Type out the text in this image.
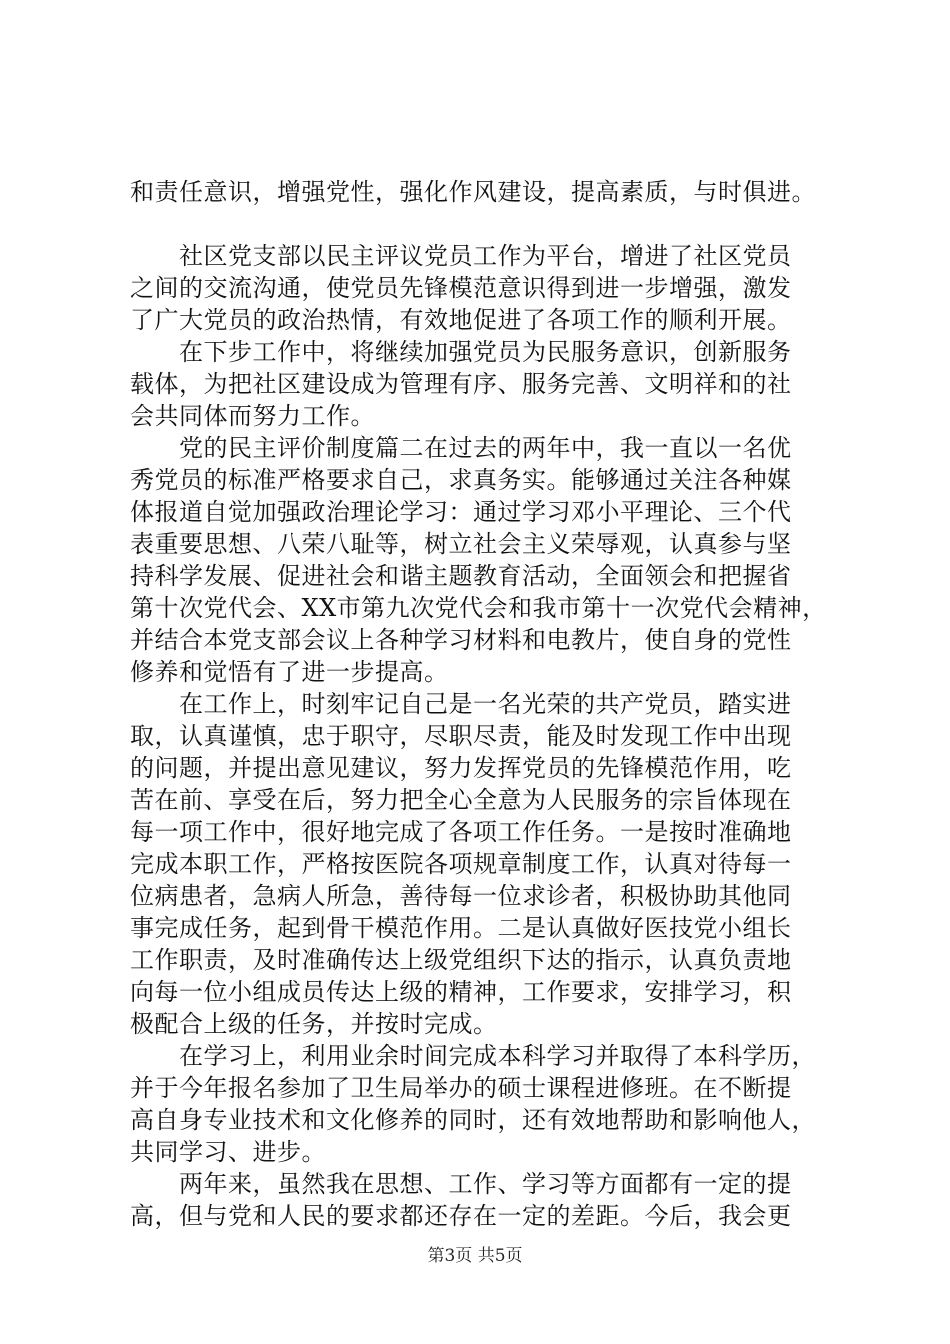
和责任意识，增强党性，强化作风建设，提高素质，与时俱进。
　　社区党支部以民主评议党员工作为平台，增进了社区党员
之间的交流沟通，使党员先锋模范意识得到进一步增强，激发
了广大党员的政治热情，有效地促进了各项工作的顺利开展。
　　在下步工作中，将继续加强党员为民服务意识，创新服务
载体，为把社区建设成为管理有序、服务完善、文明祥和的社
会共同体而努力工作。
　　党的民主评价制度篇二在过去的两年中，我一直以一名优
秀党员的标准严格要求自己，求真务实。能够通过关注各种媒
体报道自觉加强政治理论学习：通过学习邓小平理论、三个代
表重要思想、八荣八耻等，树立社会主义荣辱观，认真参与坚
持科学发展、促进社会和谐主题教育活动，全面领会和把握省
第十次党代会、XX市第九次党代会和我市第十一次党代会精神，
并结合本党支部会议上各种学习材料和电教片，使自身的党性
修养和觉悟有了进一步提高。
　　在工作上，时刻牢记自己是一名光荣的共产党员，踏实进
取，认真谨慎，忠于职守，尽职尽责，能及时发现工作中出现
的问题，并提出意见建议，努力发挥党员的先锋模范作用，吃
苦在前、享受在后，努力把全心全意为人民服务的宗旨体现在
每一项工作中，很好地完成了各项工作任务。一是按时准确地
完成本职工作，严格按医院各项规章制度工作，认真对待每一
位病患者，急病人所急，善待每一位求诊者，积极协助其他同
事完成任务，起到骨干模范作用。二是认真做好医技党小组长
工作职责，及时准确传达上级党组织下达的指示，认真负责地
向每一位小组成员传达上级的精神，工作要求，安排学习，积
极配合上级的任务，并按时完成。
　　在学习上，利用业余时间完成本科学习并取得了本科学历，
并于今年报名参加了卫生局举办的硕士课程进修班。在不断提
高自身专业技术和文化修养的同时，还有效地帮助和影响他人，
共同学习、进步。
　　两年来，虽然我在思想、工作、学习等方面都有一定的提
高，但与党和人民的要求都还存在一定的差距。今后，我会更
第3页 共5页
